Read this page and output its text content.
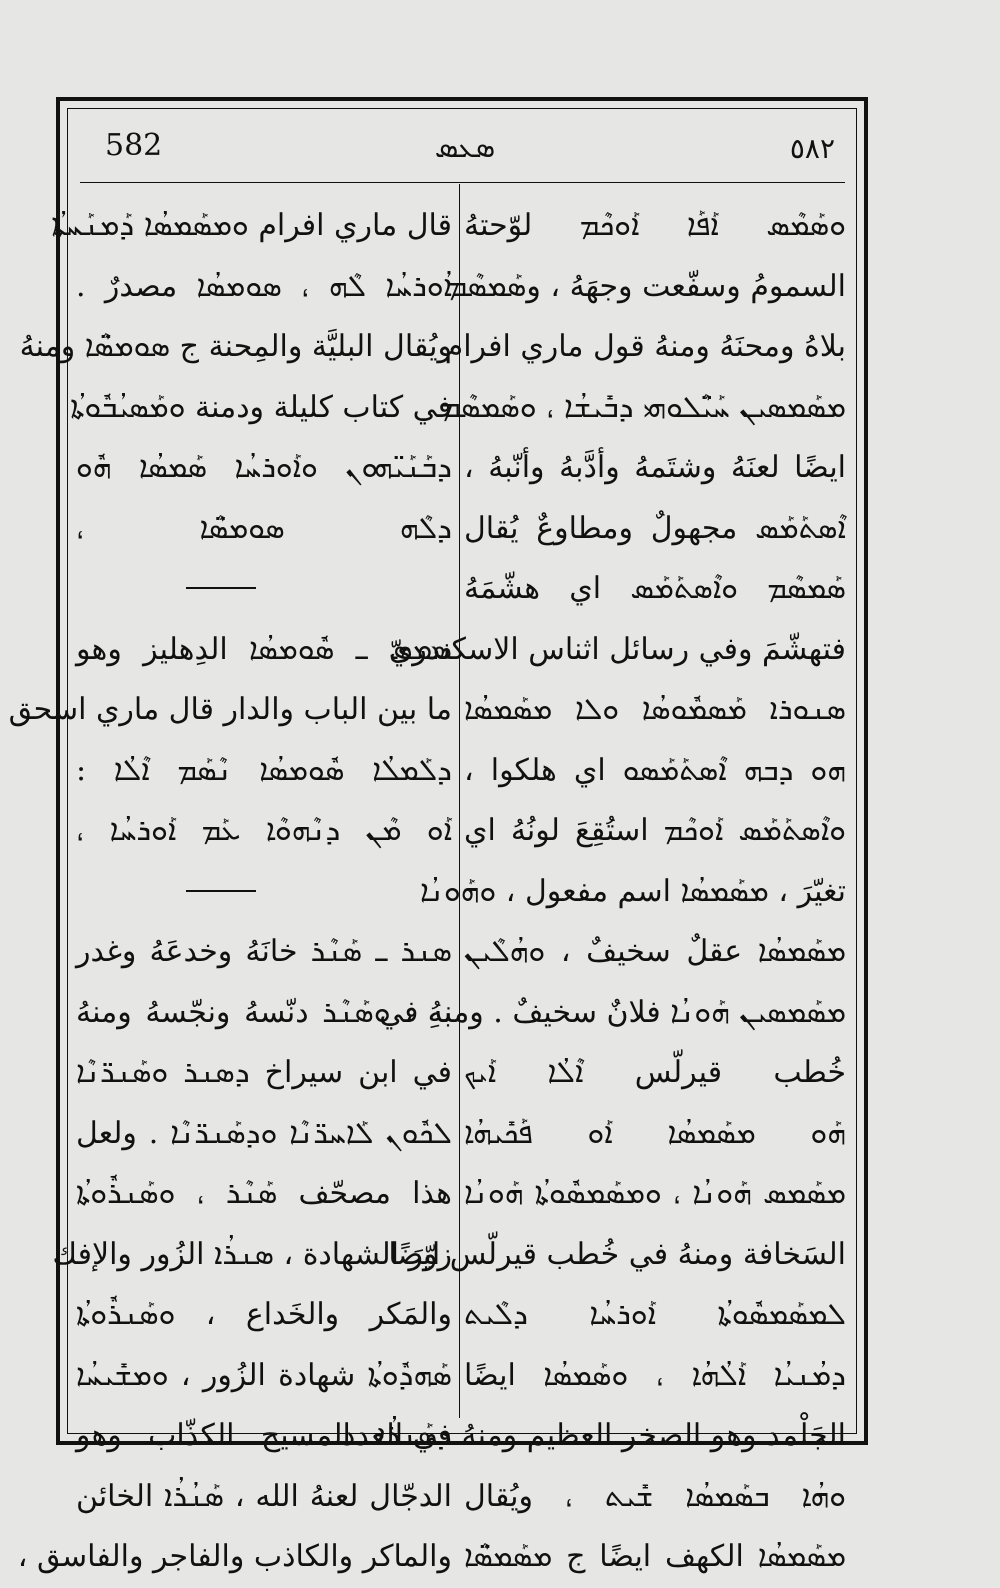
582	ܣܥܣ	٥٨٢
ܘܣܰܡܶܣ ܐܰܦܰܐ ܐܰܘܟܶܡ لوّحتهُ
السمومُ وسفّعت وجهَهُ ، وܣܰܡܣܶܡ
بلاهُ ومحنَهُ ومنهُ قول ماري افرام
ܡܣܰܡܣܝܢ ܚܰܝ̈ܶܠܘܗܝ ܕܒܺܝܫܳܐ ، ܘܣܰܡܣܶܡ
ايضًا لعنَهُ وشتَمهُ وأدَّبهُ وأنّبهُ ،
ܐܶܣܬܰܡܰܣ مجهولٌ ومطاوعٌ يُقال
ܣܰܡܣܶܡ ܘܐܶܣܬܰܡܰܣ اي هشّمَهُ
فتهشّمَ وفي رسائل اثناس الاسكندريّ
ܣܢܘܪܐ ܡܰܣܡܽܘܣܳܐ ܘܠܐ ܡܣܰܡܣܳܐ
ܗܘ ܕܒܗ ܐܶܣܬܰܡܰܣܘ اي هلكوا ،
ܘܐܶܣܬܰܡܰܣ ܐܰܘܟܶܡ استُقِعَ لونُهُ اي
تغيّرَ ، ܡܣܰܡܣܳܐ اسم مفعول ، ܘܗܰܘܢܳܐ
ܡܣܰܡܣܳܐ عقلٌ سخيفٌ ، ܘܗܳܠܶܝܢ
ܡܣܰܡܣܝܢ ܗܰܘܢܳܐ فلانٌ سخيفٌ . ومنهُ في
خُطب قيرلّس ܐܶܠܳܐ ܐܰܝܟ
ܗܰܘ ܡܣܰܡܣܳܐ ܐܰܘ ܦܰܟܺܝܗܳܐ
ܡܣܰܡܣ ܗܰܘܢܳܐ ، ܘܡܣܰܡܣܽܘܬܳܐ ܗܰܘܢܳܐ
السَخافة ومنهُ في خُطب قيرلّس ايضًا
ܠܡܣܰܡܣܽܘܬܳܐ ܐܰܘܪܚܳܐ ܕܠܶܝܬ
ܕܡܳܢܝܳܐ ܐܰܠܳܗܳܐ ، ܘܣܰܡܣܳܐ ايضًا
الجَلْمد وهو الصخر العظيم ومنهُ في العدد
ܘܗܳܐ ܒܣܰܡܣܳܐ ܫܺܝܬ ، ويُقال
ܡܣܰܡܣܳܐ الكهف ايضًا ج ܡܣܰܡܣܶ̈ܐ
قال ماري افرام ܘܡܣܰܡܣܳܐ ܕܰܡܢܰܚܬܳܐ
ܐܳܘܪܚܳܐ ܠܶܗ ، ܣܘܡܣܳܐ مصدرٌ .
ويُقال البليَّة والمِحنة ج ܣܘܡܣܶ̈ܐ ومنهُ
في كتاب كليلة ودمنة ܘܡܰܣܝܳܒܽܘܬܳܐ
ܕܒܰܢܰܝ̈ܗܘܢ ܘܐܰܘܪܚܳܐ ܣܰܡܣܳܐ ܗܽܘ
ܕܠܶܗ ܣܘܡܣܶ̈ܐ ،
ܣܡܣ ـ ܣܽܘܡܣܳܐ الدِهليز وهو
ما بين الباب والدار قال ماري اسحق
ܕܠܰܡܠܳܐ ܣܽܘܡܣܳܐ ܢܶܣܰܡ ܐܶܠܳܐ :
ܐܰܘ ܡܶܢ ܕܢܶܗܘܶܐ ܥܰܡ ܐܰܘܪܚܳܐ ،
ܣܢܪ ـ ܣܰܢܶܪ خانَهُ وخدعَهُ وغدر
بهِ ، ܘܣܰܢܶܪ دنّسهُ ونجّسهُ ومنهُ
في ابن سيراخ ܕܣܢܪ ܘܣܰܢܪ̈ܢܶܐ
ܠܟܽܘܢ ܠܰܐܚܪ̈ܢܶܐ ܘܕܣܰܢܪ̈ܢܶܐ . ولعل
هذا مصحّف ܣܰܢܶܪ ، ܘܣܰܢܪܽܘܬܳܐ
زوّرَ الشهادة ، ܣܢܪܳܐ الزُور والإفك
والمَكر والخَداع ، ܘܣܰܢܪܽܘܬܳܐ
ܣܰܗܕܽܘܬܳܐ شهادة الزُور ، ܘܡܫܺܝܚܳܐ
ܕܣܰܢܪܳܐ المسيح الكذّاب وهو
الدجّال لعنهُ الله ، ܣܰܢܳܪܳܐ الخائن
والماكر والكاذب والفاجر والفاسق ،
